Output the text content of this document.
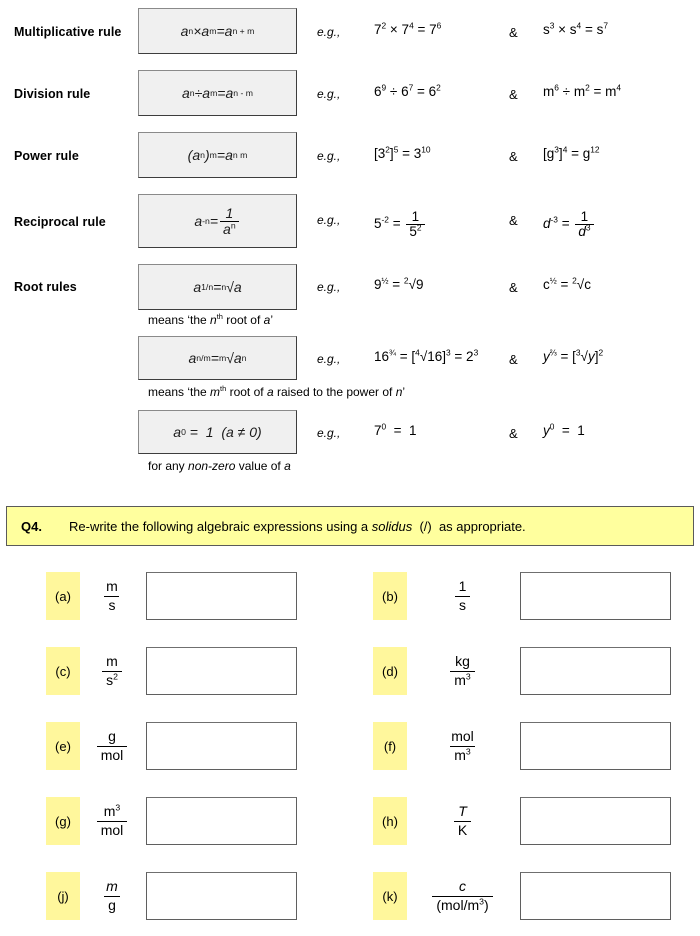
Multiplicative rule	a n × a m = a n + m	e.g., $7^2 \times 7^4 = 7^6$	& $s^3 \times s^4 = s^7$
Division rule	a n ÷ a m = a n - m	e.g., $6^9 \div 6^7 = 6^2$	& $m^6 \div m^2 = m^4$
Power rule	( a n ) m = a n m	e.g., $[3^2]^5 = 3^{10}$	& $[g^3]^4 = g^{12}$
Reciprocal rule	a $-n = \frac{1}{a^n}$	e.g., $5^{-2} = \frac{1}{5^2}$	& $d^{-3} = \frac{1}{d^3}$
Root rules	a 1/n = n √ a	e.g., $9^{\frac{1}{2}} = ^2√9$	& $c^{\frac{1}{2}} = ^2√c$
means ‘the $n^{th}$ root of a’
a n/m = m √ a n	e.g., $16^{\frac{3}{4}} = [^4√16]^3 = 2^3$ & $y^{\frac{2}{3}} = [^3√y]^2$
means ‘the $m^{th}$ root of a raised to the power of n’
a 0 =  1  (a ≠ 0)	e.g., $7^0 = 1$	& $y^0 = 1$
for any non-zero value of a
Q4. Re-write the following algebraic expressions using a solidus  (/)  as appropriate.
(a)	$\frac{m}{s}$	(b)	$\frac{1}{s}$
(c)	$\frac{m}{s^2}$	(d)	$\frac{kg}{m^3}$
(e)	$\frac{g}{\text{mol}}$	(f)	$\frac{\text{mol}}{m^3}$
(g)	$\frac{m^3}{\text{mol}}$	(h)	$\frac{T}{K}$
(j)	$\frac{m}{g}$	(k)	$\frac{c}{(mol/m^3)}$
